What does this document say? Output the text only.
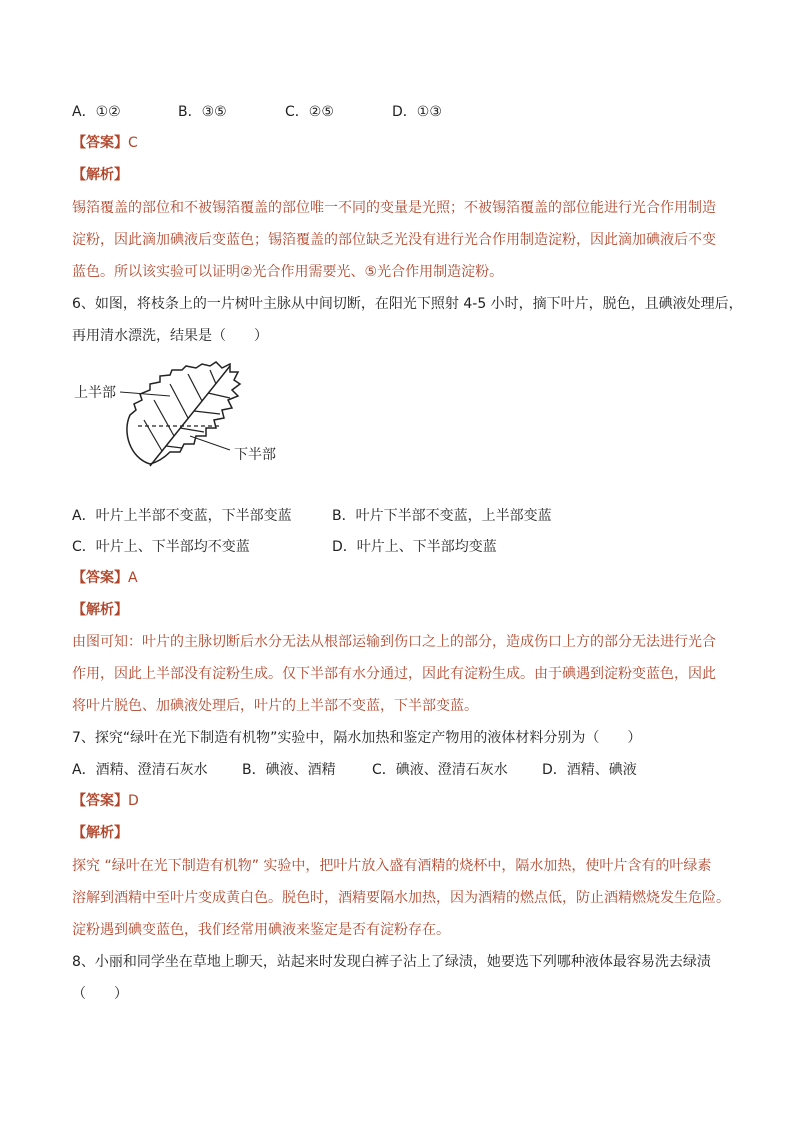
A．①②	B．③⑤	C．②⑤	D．①③
【答案】C
【解析】
锡箔覆盖的部位和不被锡箔覆盖的部位唯一不同的变量是光照；不被锡箔覆盖的部位能进行光合作用制造
淀粉，因此滴加碘液后变蓝色；锡箔覆盖的部位缺乏光没有进行光合作用制造淀粉，因此滴加碘液后不变
蓝色。所以该实验可以证明②光合作用需要光、⑤光合作用制造淀粉。
6、如图，将枝条上的一片树叶主脉从中间切断，在阳光下照射 4-5 小时，摘下叶片，脱色，且碘液处理后，
再用清水漂洗，结果是（　　）
上半部
下半部
A．叶片上半部不变蓝，下半部变蓝	B．叶片下半部不变蓝，上半部变蓝
C．叶片上、下半部均不变蓝	D．叶片上、下半部均变蓝
【答案】A
【解析】
由图可知：叶片的主脉切断后水分无法从根部运输到伤口之上的部分，造成伤口上方的部分无法进行光合
作用，因此上半部没有淀粉生成。仅下半部有水分通过，因此有淀粉生成。由于碘遇到淀粉变蓝色，因此
将叶片脱色、加碘液处理后，叶片的上半部不变蓝，下半部变蓝。
7、探究“绿叶在光下制造有机物”实验中，隔水加热和鉴定产物用的液体材料分别为（　　）
A．酒精、澄清石灰水 B．碘液、酒精	C．碘液、澄清石灰水 D．酒精、碘液
【答案】D
【解析】
探究 “绿叶在光下制造有机物” 实验中，把叶片放入盛有酒精的烧杯中，隔水加热，使叶片含有的叶绿素
溶解到酒精中至叶片变成黄白色。脱色时，酒精要隔水加热，因为酒精的燃点低，防止酒精燃烧发生危险。
淀粉遇到碘变蓝色，我们经常用碘液来鉴定是否有淀粉存在。
8、小丽和同学坐在草地上聊天，站起来时发现白裤子沾上了绿渍，她要选下列哪种液体最容易洗去绿渍
（　　）
